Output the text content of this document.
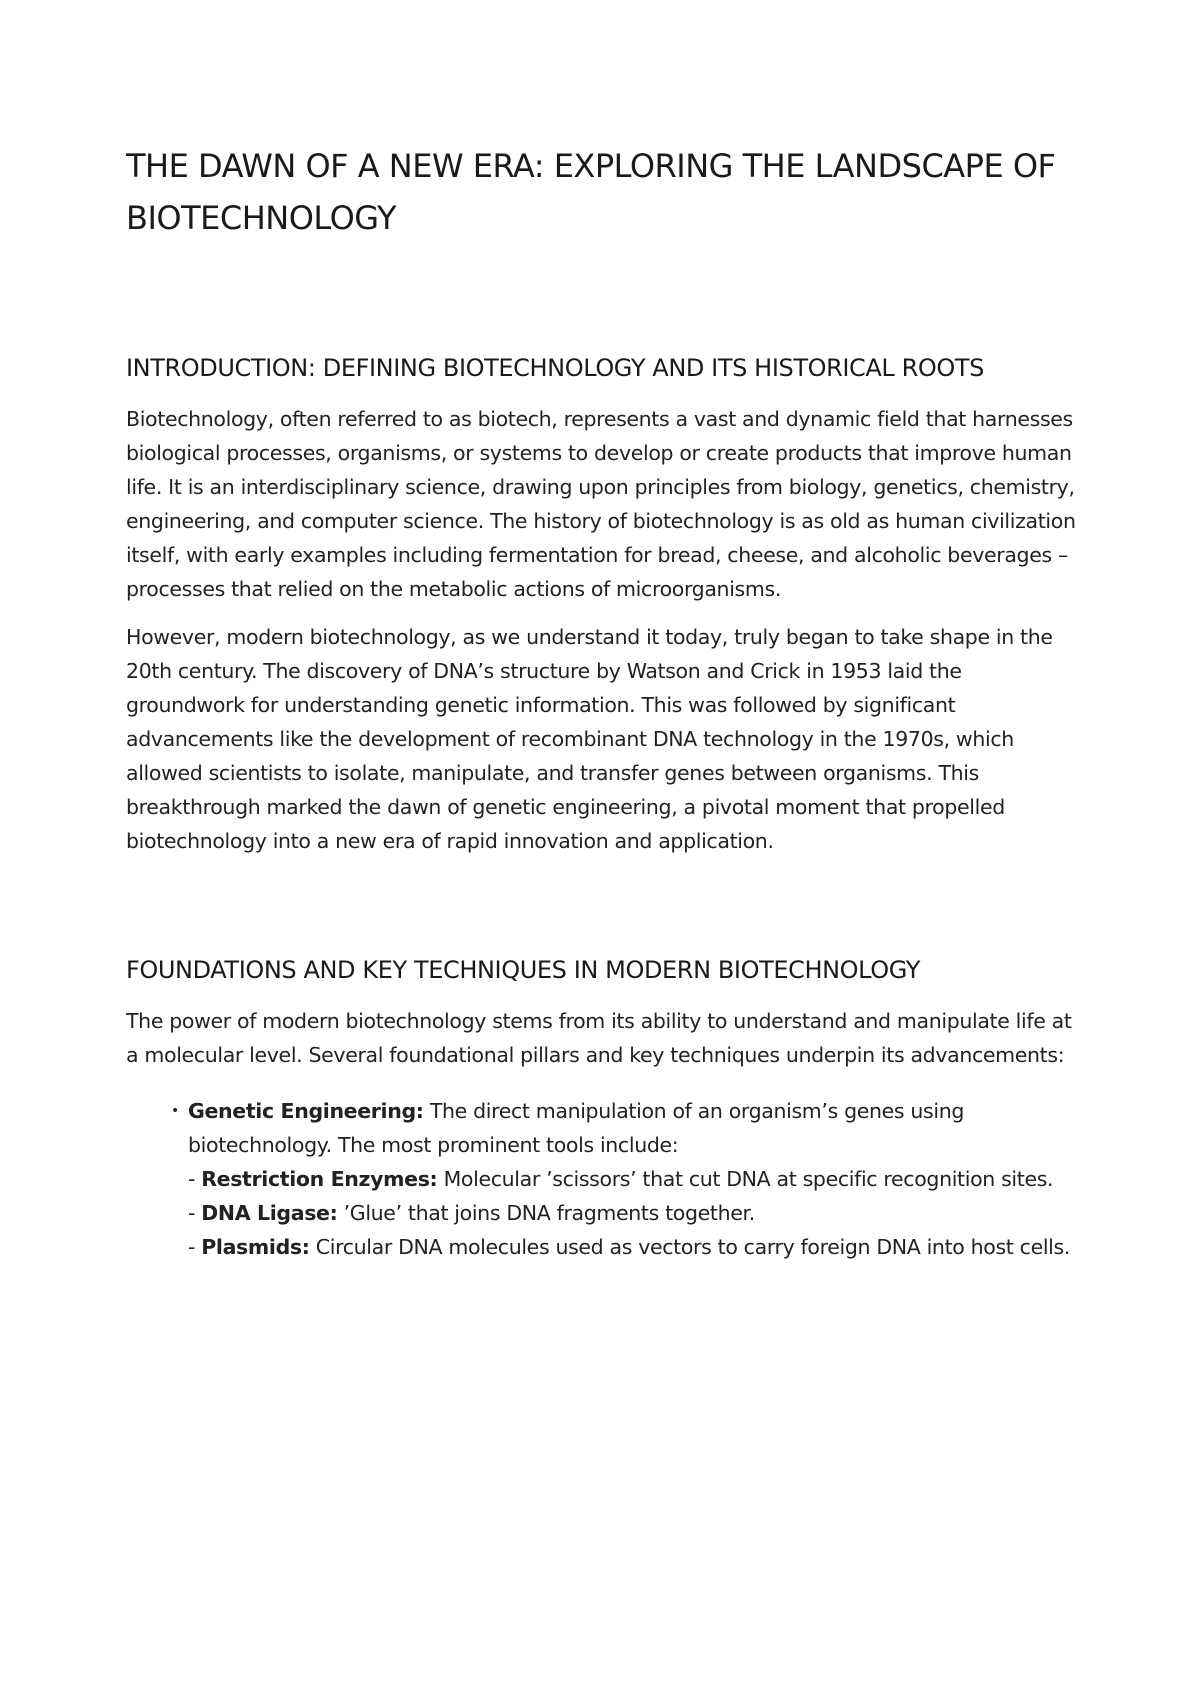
THE DAWN OF A NEW ERA: EXPLORING THE LANDSCAPE OF BIOTECHNOLOGY
INTRODUCTION: DEFINING BIOTECHNOLOGY AND ITS HISTORICAL ROOTS

Biotechnology, often referred to as biotech, represents a vast and dynamic field that harnesses biological processes, organisms, or systems to develop or create products that improve human life. It is an interdisciplinary science, drawing upon principles from biology, genetics, chemistry, engineering, and computer science. The history of biotechnology is as old as human civilization itself, with early examples including fermentation for bread, cheese, and alcoholic beverages – processes that relied on the metabolic actions of microorganisms.

However, modern biotechnology, as we understand it today, truly began to take shape in the 20th century. The discovery of DNA’s structure by Watson and Crick in 1953 laid the groundwork for understanding genetic information. This was followed by significant advancements like the development of recombinant DNA technology in the 1970s, which allowed scientists to isolate, manipulate, and transfer genes between organisms. This breakthrough marked the dawn of genetic engineering, a pivotal moment that propelled biotechnology into a new era of rapid innovation and application.

FOUNDATIONS AND KEY TECHNIQUES IN MODERN BIOTECHNOLOGY

The power of modern biotechnology stems from its ability to understand and manipulate life at a molecular level. Several foundational pillars and key techniques underpin its advancements:

• Genetic Engineering: The direct manipulation of an organism’s genes using biotechnology. The most prominent tools include:
- Restriction Enzymes: Molecular ’scissors’ that cut DNA at specific recognition sites.
- DNA Ligase: ’Glue’ that joins DNA fragments together.
- Plasmids: Circular DNA molecules used as vectors to carry foreign DNA into host cells.
